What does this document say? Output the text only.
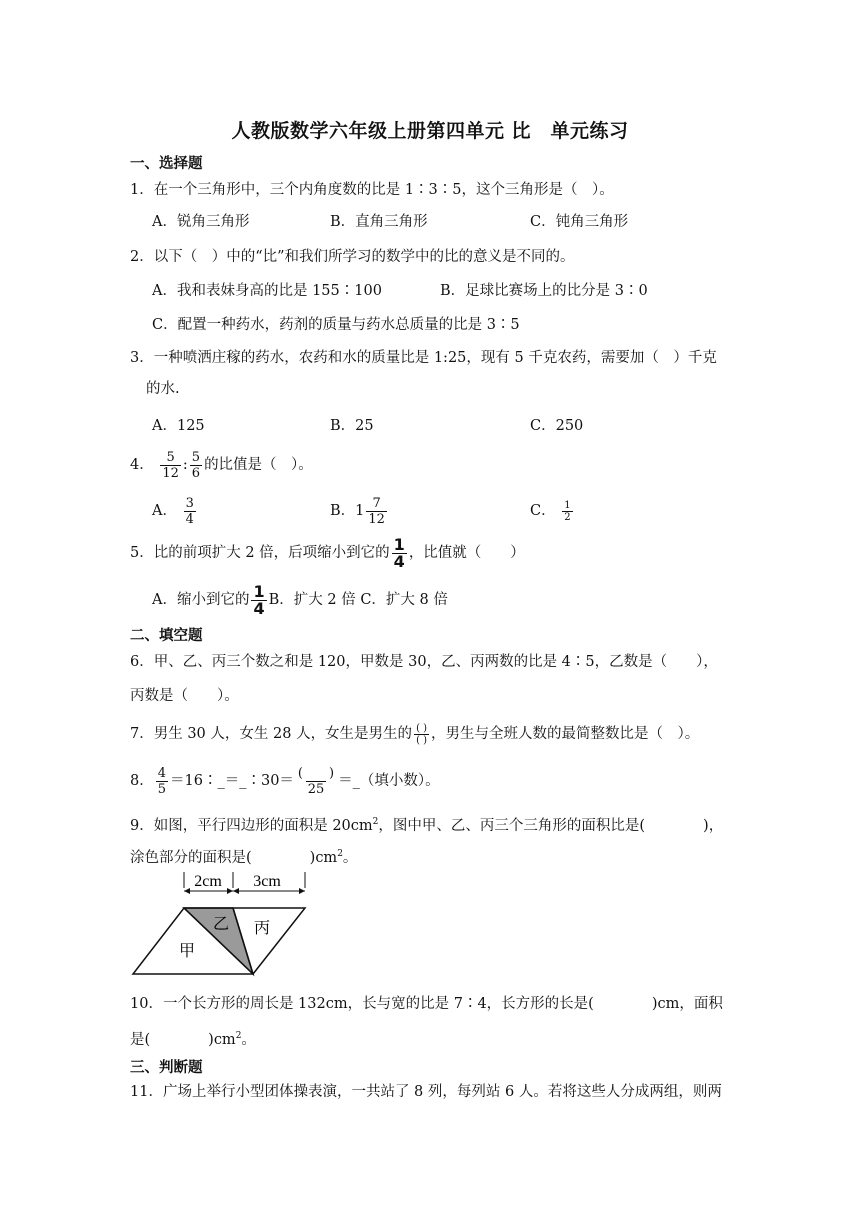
人教版数学六年级上册第四单元 比　单元练习
一、选择题
1．在一个三角形中，三个内角度数的比是 1∶3∶5，这个三角形是（　）。
A．锐角三角形	B．直角三角形	C．钝角三角形
2．以下（　）中的“比”和我们所学习的数学中的比的意义是不同的。
A．我和表妹身高的比是 155∶100	B．足球比赛场上的比分是 3∶0
C．配置一种药水，药剂的质量与药水总质量的比是 3∶5
3．一种喷洒庄稼的药水，农药和水的质量比是 1:25，现有 5 千克农药，需要加（　）千克
的水.
A．125	B．25	C．250
4． $\frac{5}{12}$ : $\frac{5}{6}$ 的比值是（　）。
A． $\frac{3}{4}$	B．$1 \frac{7}{12}$	C． $\frac{1}{2}$
5．比的前项扩大 2 倍，后项缩小到它的 $\frac{1}{4}$ ，比值就（　　）
A．缩小到它的 $\frac{1}{4}$ B．扩大 2 倍 C．扩大 8 倍
二、填空题
6．甲、乙、丙三个数之和是 120，甲数是 30，乙、丙两数的比是 4∶5，乙数是（　　），
丙数是（　　）。
7．男生 30 人，女生 28 人，女生是男生的 $\frac{( )}{( )}$ ，男生与全班人数的最简整数比是（　）。
8． $\frac{4}{5}$ ＝16∶_＝_∶30＝ $\frac{( )}{25}$ ＝_（填小数）。
9．如图，平行四边形的面积是 $20cm^2$，图中甲、乙、丙三个三角形的面积比是(　　　　)，
涂色部分的面积是(　　　　)$cm^2$。
2cm 3cm
甲
乙 丙
10．一个长方形的周长是 132cm，长与宽的比是 7∶4，长方形的长是(　　　　)cm，面积
是(　　　　)$cm^2$。
三、判断题
11．广场上举行小型团体操表演，一共站了 8 列，每列站 6 人。若将这些人分成两组，则两
